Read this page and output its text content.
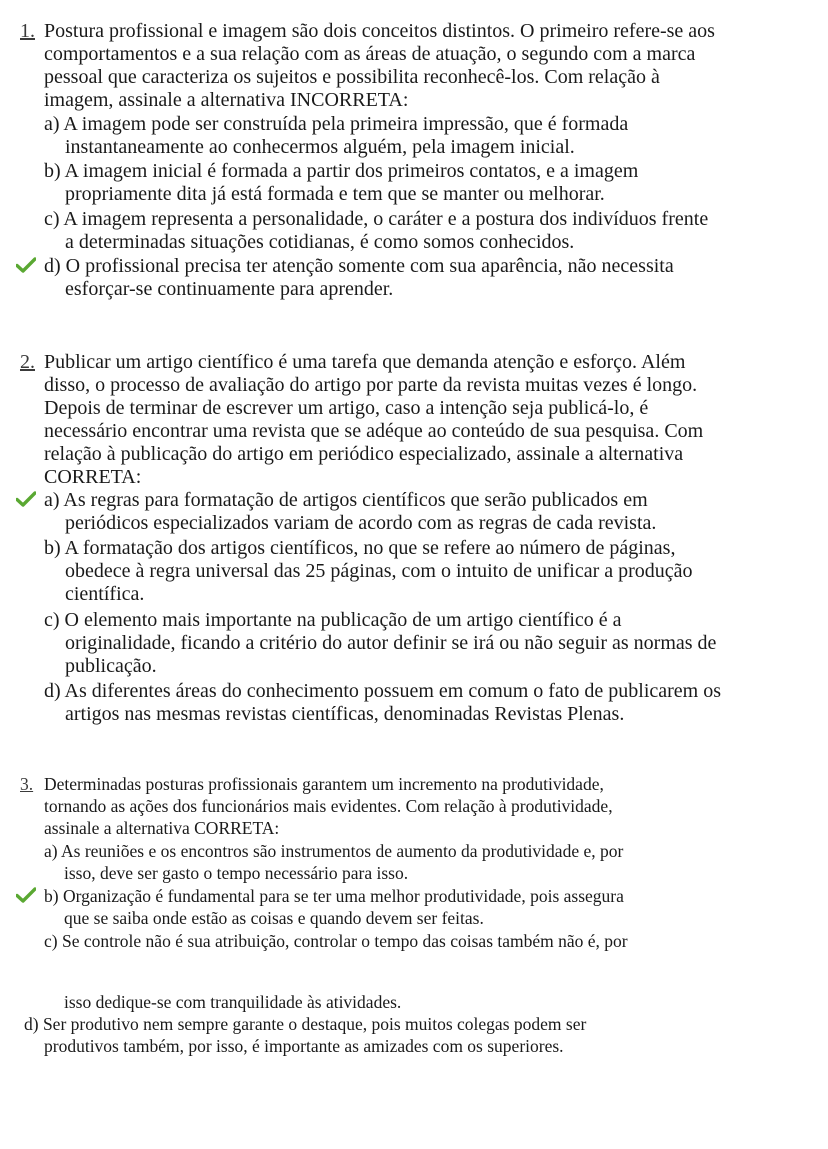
1. Postura profissional e imagem são dois conceitos distintos. O primeiro refere-se aos
comportamentos e a sua relação com as áreas de atuação, o segundo com a marca
pessoal que caracteriza os sujeitos e possibilita reconhecê-los. Com relação à
imagem, assinale a alternativa INCORRETA:
a) A imagem pode ser construída pela primeira impressão, que é formada
instantaneamente ao conhecermos alguém, pela imagem inicial.
b) A imagem inicial é formada a partir dos primeiros contatos, e a imagem
propriamente dita já está formada e tem que se manter ou melhorar.
c) A imagem representa a personalidade, o caráter e a postura dos indivíduos frente
a determinadas situações cotidianas, é como somos conhecidos.
d) O profissional precisa ter atenção somente com sua aparência, não necessita
esforçar-se continuamente para aprender.
2. Publicar um artigo científico é uma tarefa que demanda atenção e esforço. Além
disso, o processo de avaliação do artigo por parte da revista muitas vezes é longo.
Depois de terminar de escrever um artigo, caso a intenção seja publicá-lo, é
necessário encontrar uma revista que se adéque ao conteúdo de sua pesquisa. Com
relação à publicação do artigo em periódico especializado, assinale a alternativa
CORRETA:
a) As regras para formatação de artigos científicos que serão publicados em
periódicos especializados variam de acordo com as regras de cada revista.
b) A formatação dos artigos científicos, no que se refere ao número de páginas,
obedece à regra universal das 25 páginas, com o intuito de unificar a produção
científica.
c) O elemento mais importante na publicação de um artigo científico é a
originalidade, ficando a critério do autor definir se irá ou não seguir as normas de
publicação.
d) As diferentes áreas do conhecimento possuem em comum o fato de publicarem os
artigos nas mesmas revistas científicas, denominadas Revistas Plenas.
3. Determinadas posturas profissionais garantem um incremento na produtividade,
tornando as ações dos funcionários mais evidentes. Com relação à produtividade,
assinale a alternativa CORRETA:
a) As reuniões e os encontros são instrumentos de aumento da produtividade e, por
isso, deve ser gasto o tempo necessário para isso.
b) Organização é fundamental para se ter uma melhor produtividade, pois assegura
que se saiba onde estão as coisas e quando devem ser feitas.
c) Se controle não é sua atribuição, controlar o tempo das coisas também não é, por
isso dedique-se com tranquilidade às atividades.
d) Ser produtivo nem sempre garante o destaque, pois muitos colegas podem ser
produtivos também, por isso, é importante as amizades com os superiores.
